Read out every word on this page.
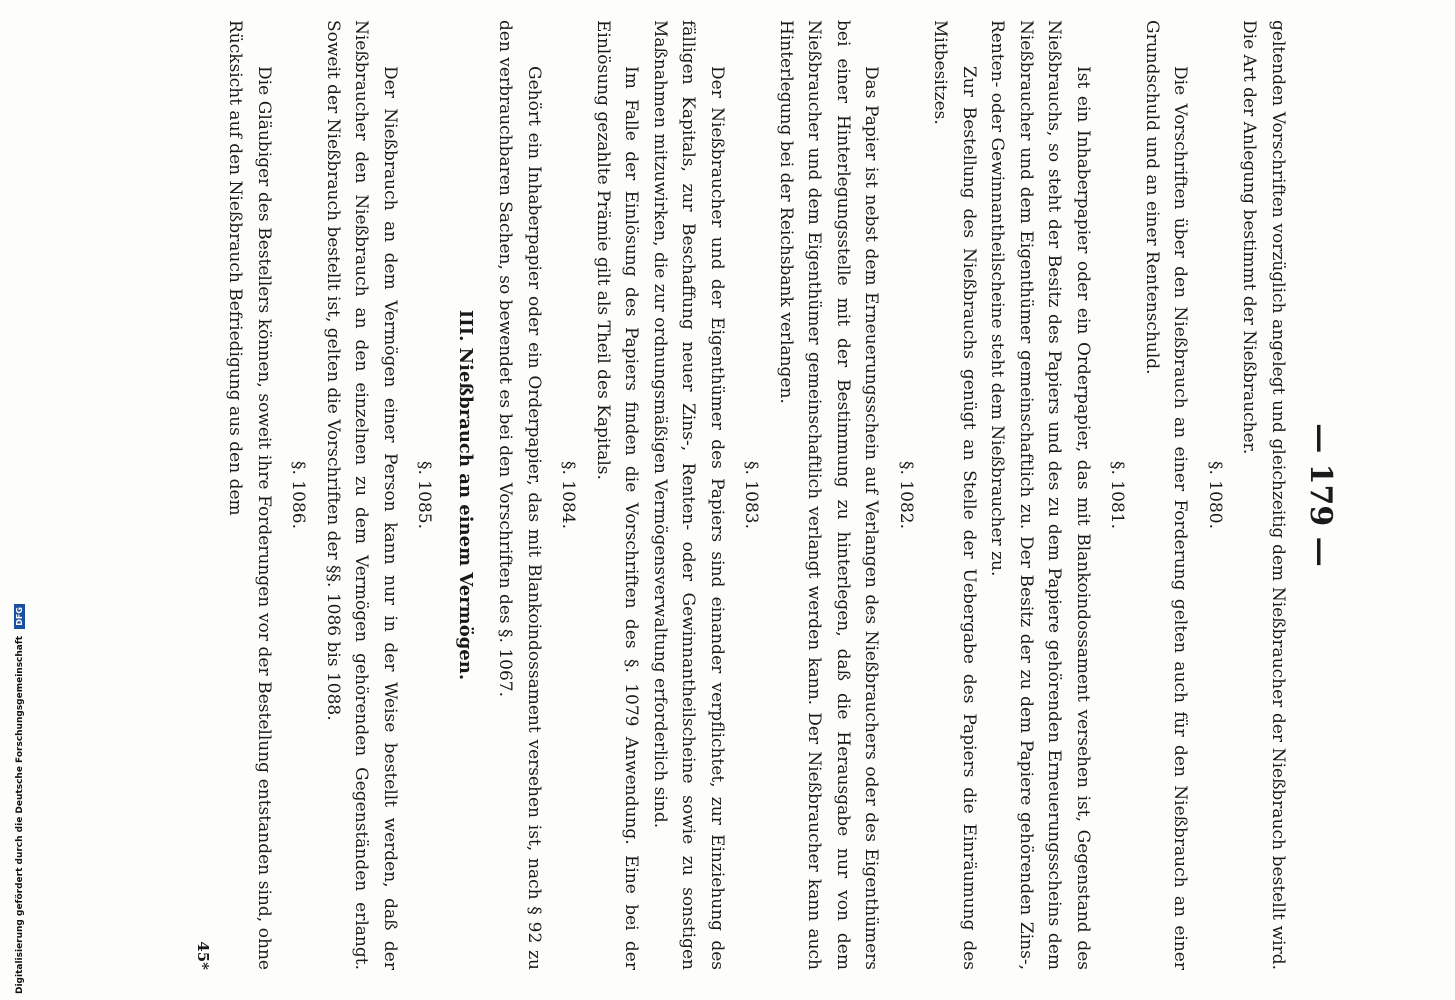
— 179 —
geltenden Vorschriften vorzüglich angelegt und gleichzeitig dem Nießbraucher der Nießbrauch bestellt wird. Die Art der Anlegung bestimmt der Nießbraucher.
§. 1080.
Die Vorschriften über den Nießbrauch an einer Forderung gelten auch für den Nießbrauch an einer Grundschuld und an einer Rentenschuld.
§. 1081.
Ist ein Inhaberpapier oder ein Orderpapier, das mit Blankoindossament versehen ist, Gegenstand des Nießbrauchs, so steht der Besitz des Papiers und des zu dem Papiere gehörenden Erneuerungsscheins dem Nießbraucher und dem Eigenthümer gemeinschaftlich zu. Der Besitz der zu dem Papiere gehörenden Zins-, Renten- oder Gewinnantheilscheine steht dem Nießbraucher zu.
Zur Bestellung des Nießbrauchs genügt an Stelle der Uebergabe des Papiers die Einräumung des Mitbesitzes.
§. 1082.
Das Papier ist nebst dem Erneuerungsschein auf Verlangen des Nießbrauchers oder des Eigenthümers bei einer Hinterlegungsstelle mit der Bestimmung zu hinterlegen, daß die Herausgabe nur von dem Nießbraucher und dem Eigenthümer gemeinschaftlich verlangt werden kann. Der Nießbraucher kann auch Hinterlegung bei der Reichsbank verlangen.
§. 1083.
Der Nießbraucher und der Eigenthümer des Papiers sind einander verpflichtet, zur Einziehung des fälligen Kapitals, zur Beschaffung neuer Zins-, Renten- oder Gewinnantheilscheine sowie zu sonstigen Maßnahmen mitzuwirken, die zur ordnungsmäßigen Vermögensverwaltung erforderlich sind.
Im Falle der Einlösung des Papiers finden die Vorschriften des §. 1079 Anwendung. Eine bei der Einlösung gezahlte Prämie gilt als Theil des Kapitals.
§. 1084.
Gehört ein Inhaberpapier oder ein Orderpapier, das mit Blankoindossament versehen ist, nach § 92 zu den verbrauchbaren Sachen, so bewendet es bei den Vorschriften des §. 1067.
III. Nießbrauch an einem Vermögen.
§. 1085.
Der Nießbrauch an dem Vermögen einer Person kann nur in der Weise bestellt werden, daß der Nießbraucher den Nießbrauch an den einzelnen zu dem Vermögen gehörenden Gegenständen erlangt. Soweit der Nießbrauch bestellt ist, gelten die Vorschriften der §§. 1086 bis 1088.
§. 1086.
Die Gläubiger des Bestellers können, soweit ihre Forderungen vor der Bestellung entstanden sind, ohne Rücksicht auf den Nießbrauch Befriedigung aus den dem
45*
Digitalisierung gefördert durch die Deutsche Forschungsgemeinschaft DFG
